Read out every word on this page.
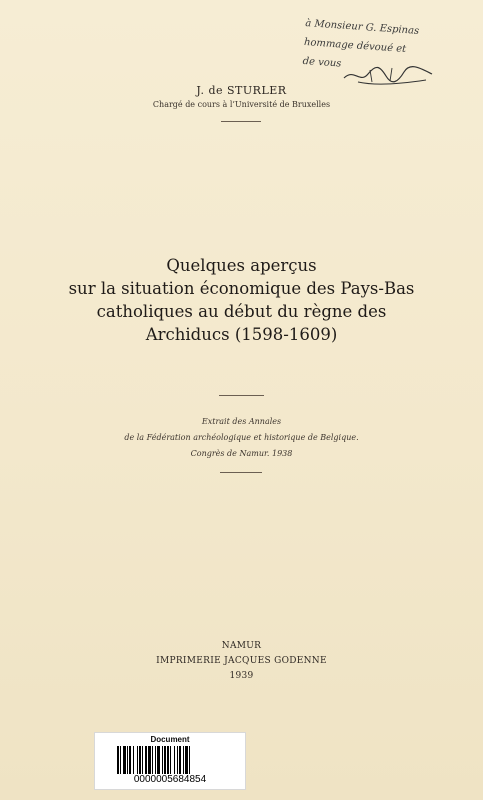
à Monsieur G. Espinas
hommage dévoué et
de vous
J. de STURLER
Chargé de cours à l’Université de Bruxelles
Quelques aperçus
sur la situation économique des Pays-Bas
catholiques au début du règne des
Archiducs (1598-1609)
Extrait des Annales
de la Fédération archéologique et historique de Belgique.
Congrès de Namur. 1938
NAMUR
IMPRIMERIE JACQUES GODENNE
1939
Document
0000005684854
